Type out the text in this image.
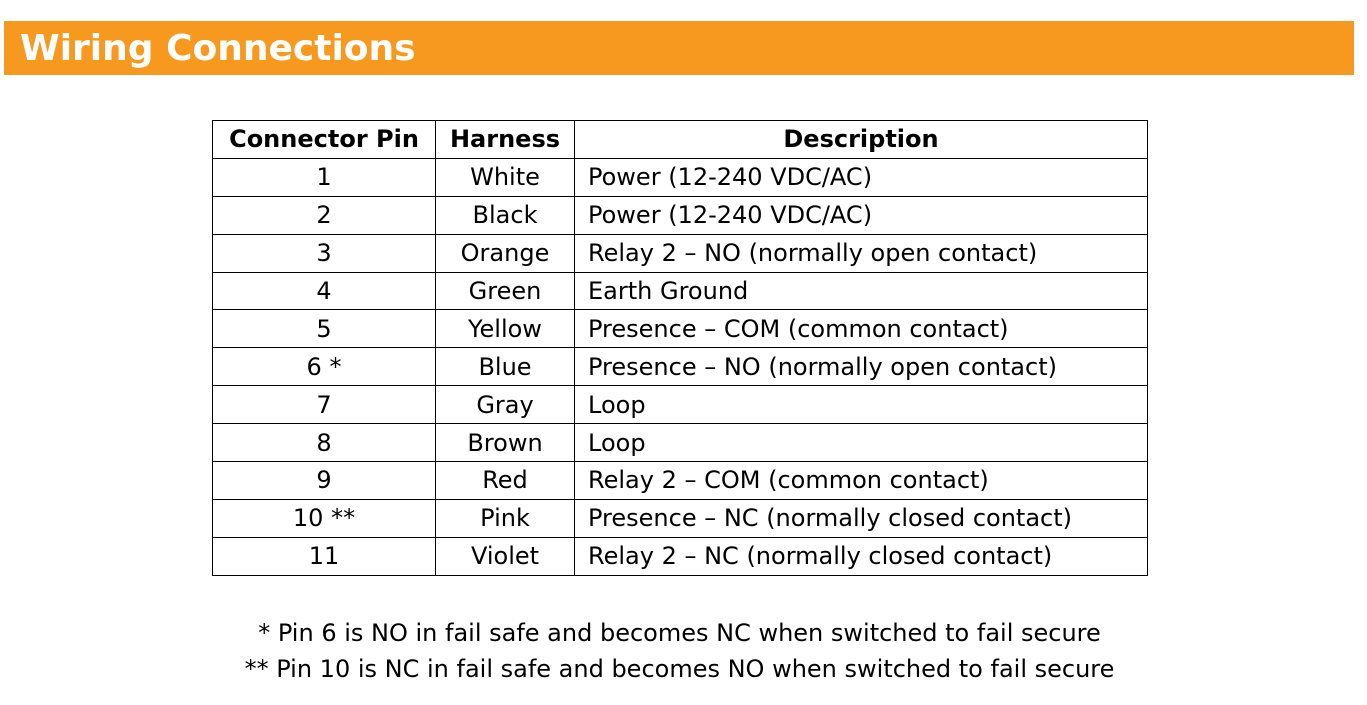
Wiring Connections
Connector Pin	Harness	Description
1	White	Power (12-240 VDC/AC)
2	Black	Power (12-240 VDC/AC)
3	Orange	Relay 2 – NO (normally open contact)
4	Green	Earth Ground
5	Yellow	Presence – COM (common contact)
6 *	Blue	Presence – NO (normally open contact)
7	Gray	Loop
8	Brown	Loop
9	Red	Relay 2 – COM (common contact)
10 **	Pink	Presence – NC (normally closed contact)
11	Violet	Relay 2 – NC (normally closed contact)
* Pin 6 is NO in fail safe and becomes NC when switched to fail secure
** Pin 10 is NC in fail safe and becomes NO when switched to fail secure
